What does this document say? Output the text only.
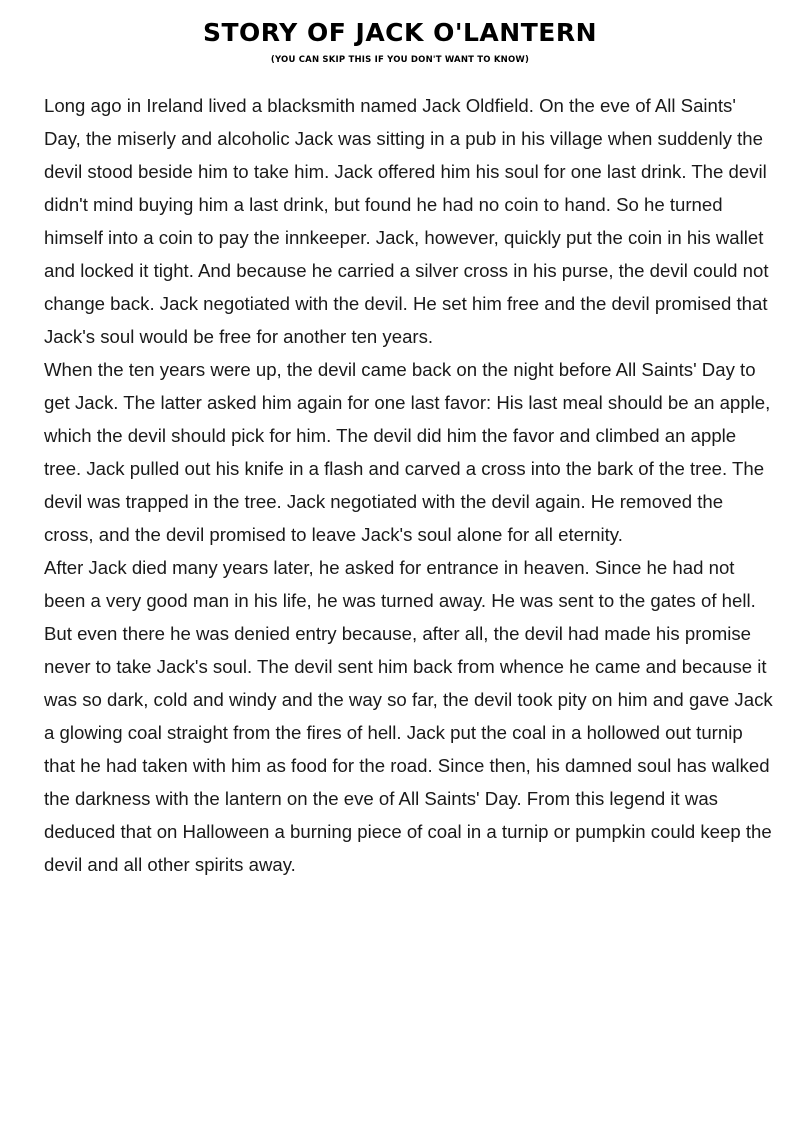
STORY OF JACK O'LANTERN
(YOU CAN SKIP THIS IF YOU DON'T WANT TO KNOW)

Long ago in Ireland lived a blacksmith named Jack Oldfield. On the eve of All Saints' Day, the miserly and alcoholic Jack was sitting in a pub in his village when suddenly the devil stood beside him to take him. Jack offered him his soul for one last drink. The devil didn't mind buying him a last drink, but found he had no coin to hand. So he turned himself into a coin to pay the innkeeper. Jack, however, quickly put the coin in his wallet and locked it tight. And because he carried a silver cross in his purse, the devil could not change back. Jack negotiated with the devil. He set him free and the devil promised that Jack's soul would be free for another ten years.

When the ten years were up, the devil came back on the night before All Saints' Day to get Jack. The latter asked him again for one last favor: His last meal should be an apple, which the devil should pick for him. The devil did him the favor and climbed an apple tree. Jack pulled out his knife in a flash and carved a cross into the bark of the tree. The devil was trapped in the tree. Jack negotiated with the devil again. He removed the cross, and the devil promised to leave Jack's soul alone for all eternity.

After Jack died many years later, he asked for entrance in heaven. Since he had not been a very good man in his life, he was turned away. He was sent to the gates of hell. But even there he was denied entry because, after all, the devil had made his promise never to take Jack's soul. The devil sent him back from whence he came and because it was so dark, cold and windy and the way so far, the devil took pity on him and gave Jack a glowing coal straight from the fires of hell. Jack put the coal in a hollowed out turnip that he had taken with him as food for the road. Since then, his damned soul has walked the darkness with the lantern on the eve of All Saints' Day. From this legend it was deduced that on Halloween a burning piece of coal in a turnip or pumpkin could keep the devil and all other spirits away.
